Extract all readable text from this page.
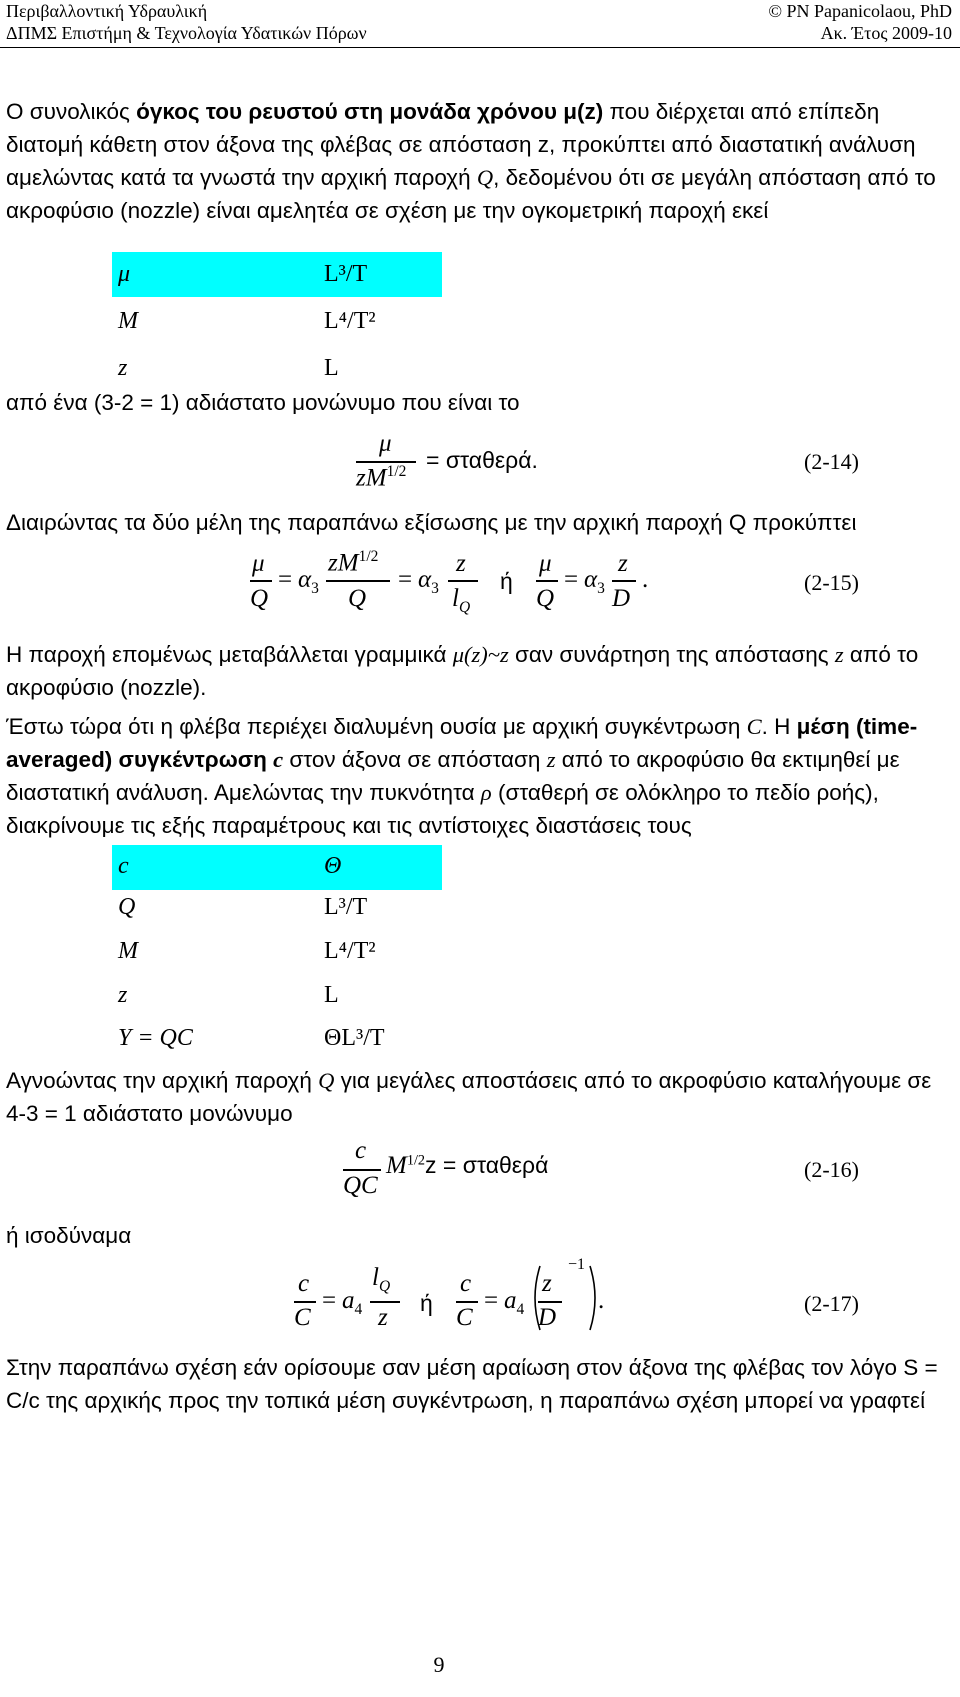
Περιβαλλοντική Υδραυλική
ΔΠΜΣ Επιστήμη & Τεχνολογία Υδατικών Πόρων
© PN Papanicolaou, PhD
Ακ. Έτος 2009-10
Ο συνολικός όγκος του ρευστού στη μονάδα χρόνου μ(z) που διέρχεται από επίπεδη διατομή κάθετη στον άξονα της φλέβας σε απόσταση z, προκύπτει από διαστατική ανάλυση αμελώντας κατά τα γνωστά την αρχική παροχή Q, δεδομένου ότι σε μεγάλη απόσταση από το ακροφύσιο (nozzle) είναι αμελητέα σε σχέση με την ογκομετρική παροχή εκεί
μ	L³/T
M	L⁴/T²
z	L
από ένα (3-2 = 1) αδιάστατο μονώνυμο που είναι το
μ
$zM^{1/2} = \sigma\tau\alpha\theta\varepsilon\rho ά$.	(2-14)
Διαιρώντας τα δύο μέλη της παραπάνω εξίσωσης με την αρχική παροχή Q προκύπτει
μ
Q
= $\alpha_3$
$zM^{1/2}$
Q
= $\alpha_3$
z
$l_Q$
ή
μ
Q
= $\alpha_3$
z
D
.	(2-15)
Η παροχή επομένως μεταβάλλεται γραμμικά μ(z)~z σαν συνάρτηση της απόστασης z από το ακροφύσιο (nozzle).
Έστω τώρα ότι η φλέβα περιέχει διαλυμένη ουσία με αρχική συγκέντρωση C. Η μέση (time-averaged) συγκέντρωση c στον άξονα σε απόσταση z από το ακροφύσιο θα εκτιμηθεί με διαστατική ανάλυση. Αμελώντας την πυκνότητα ρ (σταθερή σε ολόκληρο το πεδίο ροής), διακρίνουμε τις εξής παραμέτρους και τις αντίστοιχες διαστάσεις τους
c	Θ
Q	L³/T
M	L⁴/T²
z	L
Y = QC	ΘL³/T
Αγνοώντας την αρχική παροχή Q για μεγάλες αποστάσεις από το ακροφύσιο καταλήγουμε σε 4-3 = 1 αδιάστατο μονώνυμο
c
QC
$M^{1/2}z = \sigma\tau\alpha\theta\varepsilon\rho ά$	(2-16)
ή ισοδύναμα
c
C
= $a_4$
$l_Q$
z
ή
c
C
= $a_4$
z
D
−1
.	(2-17)
Στην παραπάνω σχέση εάν ορίσουμε σαν μέση αραίωση στον άξονα της φλέβας τον λόγο S = C/c της αρχικής προς την τοπικά μέση συγκέντρωση, η παραπάνω σχέση μπορεί να γραφτεί
9
